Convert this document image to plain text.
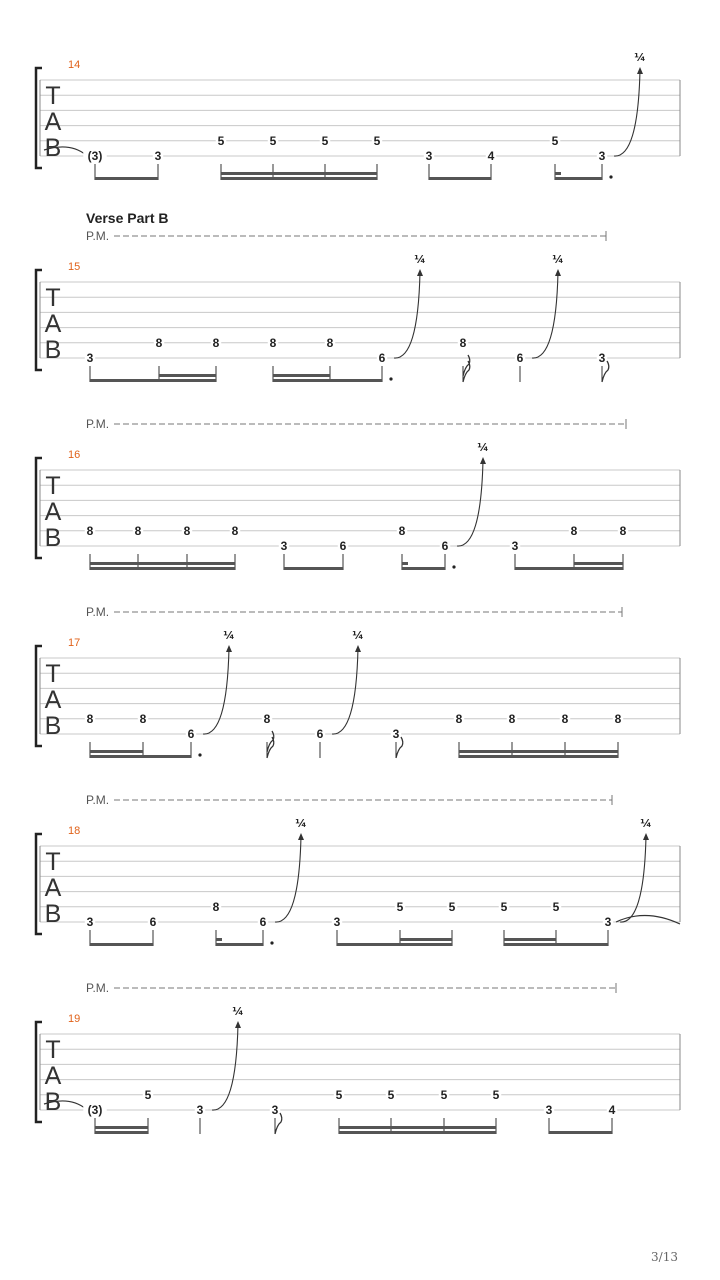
Verse Part B
T
A
B
14
(3)	3
5	5	5	5
3	4
5
3
¼
T
A
B
15
P.M.
3
8	8	8	8
6
¼
8
6
¼
3
T
A
B
16
P.M.
8	8	8	8
3	6
8
6
¼
3
8	8
T
A
B
17
P.M.
8	8
6
¼
8
6
¼
3
8	8	8	8
T
A
B
18
P.M.
3	6
8
6
¼
3
5	5	5	5
3
¼
T
A
B
19
P.M.
(3)
5
3
¼
3
5	5	5	5
3	4
3/13
